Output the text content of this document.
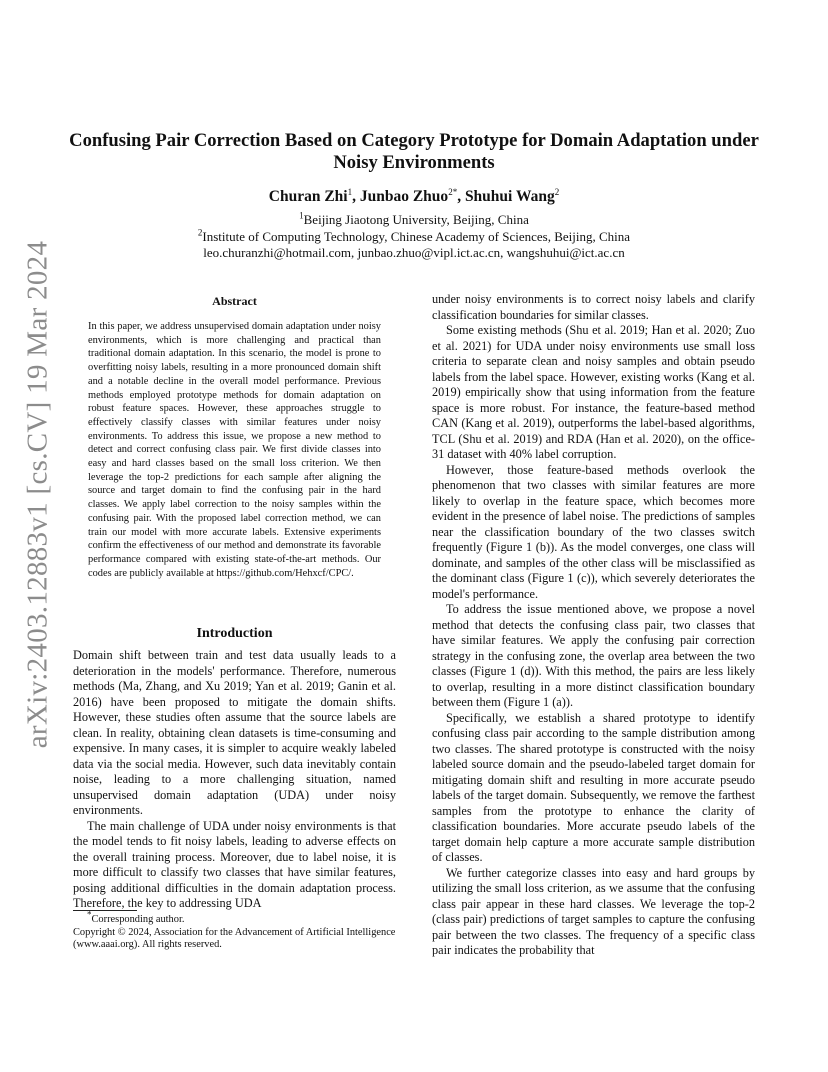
arXiv:2403.12883v1 [cs.CV] 19 Mar 2024
Confusing Pair Correction Based on Category Prototype for Domain Adaptation under Noisy Environments
Churan Zhi$^1$, Junbao Zhuo$^{2*}$, Shuhui Wang$^2$
$^1$Beijing Jiaotong University, Beijing, China
$^2$Institute of Computing Technology, Chinese Academy of Sciences, Beijing, China
leo.churanzhi@hotmail.com, junbao.zhuo@vipl.ict.ac.cn, wangshuhui@ict.ac.cn
Abstract

In this paper, we address unsupervised domain adaptation under noisy environments, which is more challenging and practical than traditional domain adaptation. In this scenario, the model is prone to overfitting noisy labels, resulting in a more pronounced domain shift and a notable decline in the overall model performance. Previous methods employed prototype methods for domain adaptation on robust feature spaces. However, these approaches struggle to effectively classify classes with similar features under noisy environments. To address this issue, we propose a new method to detect and correct confusing class pair. We first divide classes into easy and hard classes based on the small loss criterion. We then leverage the top-2 predictions for each sample after aligning the source and target domain to find the confusing pair in the hard classes. We apply label correction to the noisy samples within the confusing pair. With the proposed label correction method, we can train our model with more accurate labels. Extensive experiments confirm the effectiveness of our method and demonstrate its favorable performance compared with existing state-of-the-art methods. Our codes are publicly available at https://github.com/Hehxcf/CPC/.

Introduction

Domain shift between train and test data usually leads to a deterioration in the models' performance. Therefore, numerous methods (Ma, Zhang, and Xu 2019; Yan et al. 2019; Ganin et al. 2016) have been proposed to mitigate the domain shifts. However, these studies often assume that the source labels are clean. In reality, obtaining clean datasets is time-consuming and expensive. In many cases, it is simpler to acquire weakly labeled data via the social media. However, such data inevitably contain noise, leading to a more challenging situation, named unsupervised domain adaptation (UDA) under noisy environments.

The main challenge of UDA under noisy environments is that the model tends to fit noisy labels, leading to adverse effects on the overall training process. Moreover, due to label noise, it is more difficult to classify two classes that have similar features, posing additional difficulties in the domain adaptation process. Therefore, the key to addressing UDA

*Corresponding author.
Copyright © 2024, Association for the Advancement of Artificial Intelligence (www.aaai.org). All rights reserved.

under noisy environments is to correct noisy labels and clarify classification boundaries for similar classes.

Some existing methods (Shu et al. 2019; Han et al. 2020; Zuo et al. 2021) for UDA under noisy environments use small loss criteria to separate clean and noisy samples and obtain pseudo labels from the label space. However, existing works (Kang et al. 2019) empirically show that using information from the feature space is more robust. For instance, the feature-based method CAN (Kang et al. 2019), outperforms the label-based algorithms, TCL (Shu et al. 2019) and RDA (Han et al. 2020), on the office-31 dataset with 40% label corruption.

However, those feature-based methods overlook the phenomenon that two classes with similar features are more likely to overlap in the feature space, which becomes more evident in the presence of label noise. The predictions of samples near the classification boundary of the two classes switch frequently (Figure 1 (b)). As the model converges, one class will dominate, and samples of the other class will be misclassified as the dominant class (Figure 1 (c)), which severely deteriorates the model's performance.

To address the issue mentioned above, we propose a novel method that detects the confusing class pair, two classes that have similar features. We apply the confusing pair correction strategy in the confusing zone, the overlap area between the two classes (Figure 1 (d)). With this method, the pairs are less likely to overlap, resulting in a more distinct classification boundary between them (Figure 1 (a)).

Specifically, we establish a shared prototype to identify confusing class pair according to the sample distribution among two classes. The shared prototype is constructed with the noisy labeled source domain and the pseudo-labeled target domain for mitigating domain shift and resulting in more accurate pseudo labels of the target domain. Subsequently, we remove the farthest samples from the prototype to enhance the clarity of classification boundaries. More accurate pseudo labels of the target domain help capture a more accurate sample distribution of classes.

We further categorize classes into easy and hard groups by utilizing the small loss criterion, as we assume that the confusing class pair appear in these hard classes. We leverage the top-2 (class pair) predictions of target samples to capture the confusing pair between the two classes. The frequency of a specific class pair indicates the probability that
